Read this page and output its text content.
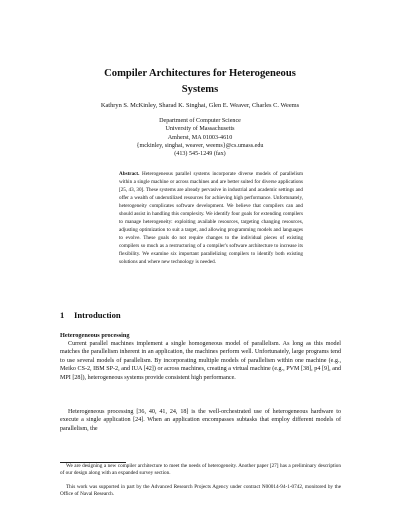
Compiler Architectures for Heterogeneous
Systems

Kathryn S. McKinley, Sharad K. Singhai, Glen E. Weaver, Charles C. Weems

Department of Computer Science
University of Massachusetts
Amherst, MA 01003-4610
{mckinley, singhai, weaver, weems}@cs.umass.edu
(413) 545-1249 (fax)

Abstract. Heterogeneous parallel systems incorporate diverse models of parallelism within a single machine or across machines and are better suited for diverse applications [25, 43, 30]. These systems are already pervasive in industrial and academic settings and offer a wealth of underutilized resources for achieving high performance. Unfortunately, heterogeneity complicates software development. We believe that compilers can and should assist in handling this complexity. We identify four goals for extending compilers to manage heterogeneity: exploiting available resources, targeting changing resources, adjusting optimization to suit a target, and allowing programming models and languages to evolve. These goals do not require changes to the individual pieces of existing compilers so much as a restructuring of a compiler's software architecture to increase its flexibility. We examine six important parallelizing compilers to identify both existing solutions and where new technology is needed.

1 Introduction
Heterogeneous processing

Current parallel machines implement a single homogeneous model of parallelism. As long as this model matches the parallelism inherent in an application, the machines perform well. Unfortunately, large programs tend to use several models of parallelism. By incorporating multiple models of parallelism within one machine (e.g., Meiko CS-2, IBM SP-2, and IUA [42]) or across machines, creating a virtual machine (e.g., PVM [38], p4 [9], and MPI [28]), heterogeneous systems provide consistent high performance.

Heterogeneous processing [36, 40, 41, 24, 18] is the well-orchestrated use of heterogeneous hardware to execute a single application [24]. When an application encompasses subtasks that employ different models of parallelism, the

We are designing a new compiler architecture to meet the needs of heterogeneity. Another paper [27] has a preliminary description of our design along with an expanded survey section.

This work was supported in part by the Advanced Research Projects Agency under contract N00014-94-1-0742, monitored by the Office of Naval Research.
